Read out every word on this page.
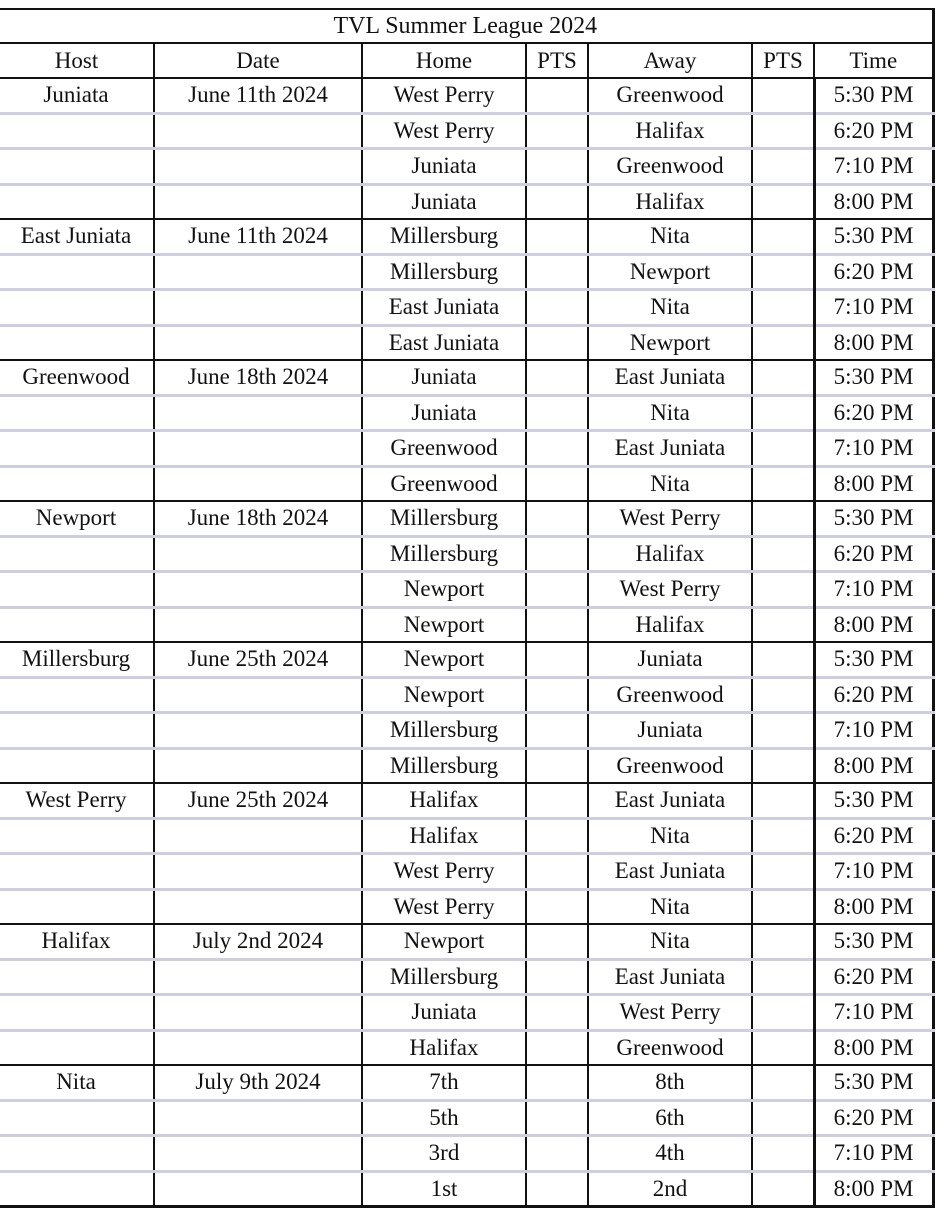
TVL Summer League 2024						
Host	Date	Home	PTS	Away	PTS	Time
Juniata	June 11th 2024	West Perry		Greenwood		5:30 PM
		West Perry		Halifax		6:20 PM
		Juniata		Greenwood		7:10 PM
		Juniata		Halifax		8:00 PM
East Juniata	June 11th 2024	Millersburg		Nita		5:30 PM
		Millersburg		Newport		6:20 PM
		East Juniata		Nita		7:10 PM
		East Juniata		Newport		8:00 PM
Greenwood	June 18th 2024	Juniata		East Juniata		5:30 PM
		Juniata		Nita		6:20 PM
		Greenwood		East Juniata		7:10 PM
		Greenwood		Nita		8:00 PM
Newport	June 18th 2024	Millersburg		West Perry		5:30 PM
		Millersburg		Halifax		6:20 PM
		Newport		West Perry		7:10 PM
		Newport		Halifax		8:00 PM
Millersburg	June 25th 2024	Newport		Juniata		5:30 PM
		Newport		Greenwood		6:20 PM
		Millersburg		Juniata		7:10 PM
		Millersburg		Greenwood		8:00 PM
West Perry	June 25th 2024	Halifax		East Juniata		5:30 PM
		Halifax		Nita		6:20 PM
		West Perry		East Juniata		7:10 PM
		West Perry		Nita		8:00 PM
Halifax	July 2nd 2024	Newport		Nita		5:30 PM
		Millersburg		East Juniata		6:20 PM
		Juniata		West Perry		7:10 PM
		Halifax		Greenwood		8:00 PM
Nita	July 9th 2024	7th		8th		5:30 PM
		5th		6th		6:20 PM
		3rd		4th		7:10 PM
		1st		2nd		8:00 PM
